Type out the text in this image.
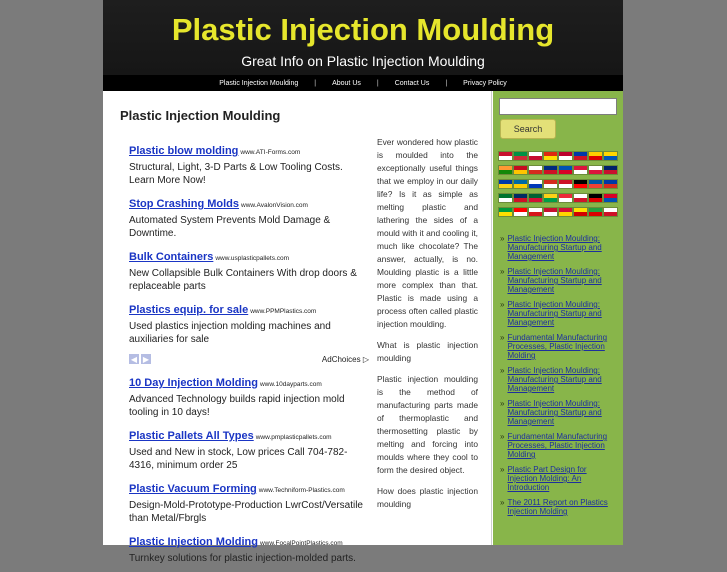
Plastic Injection Moulding
Great Info on Plastic Injection Moulding
Plastic Injection Moulding | About Us | Contact Us | Privacy Policy
Plastic Injection Moulding
Plastic blow molding www.ATI-Forms.com
Structural, Light, 3-D Parts & Low Tooling Costs. Learn More Now!
Stop Crashing Molds www.AvalonVision.com
Automated System Prevents Mold Damage & Downtime.
Bulk Containers www.usplasticpallets.com
New Collapsible Bulk Containers With drop doors & replaceable parts
Plastics equip. for sale www.PPMPlastics.com
Used plastics injection molding machines and auxiliaries for sale
◀ ▶	AdChoices ▷
10 Day Injection Molding www.10dayparts.com
Advanced Technology builds rapid injection mold tooling in 10 days!
Plastic Pallets All Types www.pmplasticpallets.com
Used and New in stock, Low prices Call 704-782-4316, minimum order 25
Plastic Vacuum Forming www.Techniform-Plastics.com
Design-Mold-Prototype-Production LwrCost/Versatile than Metal/Fbrgls
Plastic Injection Molding www.FocalPointPlastics.com
Turnkey solutions for plastic injection-molded parts.

Ever wondered how plastic is moulded into the exceptionally useful things that we employ in our daily life? Is it as simple as melting plastic and lathering the sides of a mould with it and cooling it, much like chocolate? The answer, actually, is no. Moulding plastic is a little more complex than that. Plastic is made using a process often called plastic injection moulding.

What is plastic injection moulding

Plastic injection moulding is the method of manufacturing parts made of thermoplastic and thermosetting plastic by melting and forcing into moulds where they cool to form the desired object.

How does plastic injection moulding

Search
» Plastic Injection Moulding: Manufacturing Startup and Management
» Plastic Injection Moulding: Manufacturing Startup and Management
» Plastic Injection Moulding: Manufacturing Startup and Management
» Fundamental Manufacturing Processes, Plastic Injection Molding
» Plastic Injection Moulding: Manufacturing Startup and Management
» Plastic Injection Moulding: Manufacturing Startup and Management
» Fundamental Manufacturing Processes, Plastic Injection Molding
» Plastic Part Design for Injection Molding: An Introduction
» The 2011 Report on Plastics Injection Molding
